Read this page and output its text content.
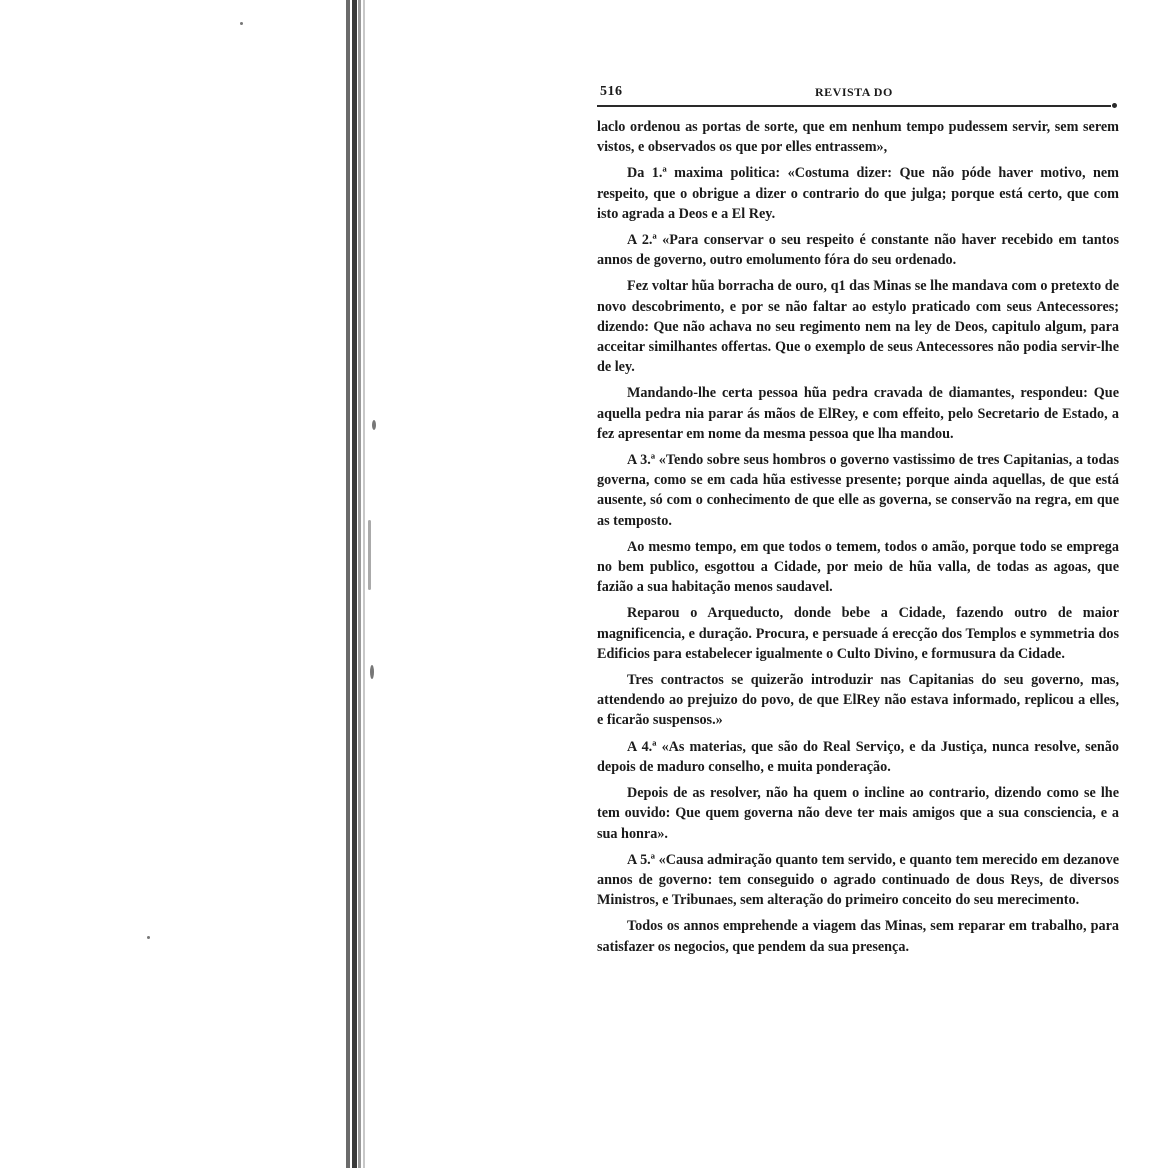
516	REVISTA DO

laclo ordenou as portas de sorte, que em nenhum tempo pudessem servir, sem serem vistos, e observados os que por elles entrassem»,

Da 1.ª maxima politica: «Costuma dizer: Que não póde haver motivo, nem respeito, que o obrigue a dizer o contrario do que julga; porque está certo, que com isto agrada a Deos e a El Rey.

A 2.ª «Para conservar o seu respeito é constante não haver recebido em tantos annos de governo, outro emolumento fóra do seu ordenado.

Fez voltar hũa borracha de ouro, q1 das Minas se lhe mandava com o pretexto de novo descobrimento, e por se não faltar ao estylo praticado com seus Antecessores; dizendo: Que não achava no seu regimento nem na ley de Deos, capitulo algum, para acceitar similhantes offertas. Que o exemplo de seus Antecessores não podia servir-lhe de ley.

Mandando-lhe certa pessoa hũa pedra cravada de diamantes, respondeu: Que aquella pedra nia parar ás mãos de ElRey, e com effeito, pelo Secretario de Estado, a fez apresentar em nome da mesma pessoa que lha mandou.

A 3.ª «Tendo sobre seus hombros o governo vastissimo de tres Capitanias, a todas governa, como se em cada hũa estivesse presente; porque ainda aquellas, de que está ausente, só com o conhecimento de que elle as governa, se conservão na regra, em que as temposto.

Ao mesmo tempo, em que todos o temem, todos o amão, porque todo se emprega no bem publico, esgottou a Cidade, por meio de hũa valla, de todas as agoas, que fazião a sua habitação menos saudavel.

Reparou o Arqueducto, donde bebe a Cidade, fazendo outro de maior magnificencia, e duração. Procura, e persuade á erecção dos Templos e symmetria dos Edificios para estabelecer igualmente o Culto Divino, e formusura da Cidade.

Tres contractos se quizerão introduzir nas Capitanias do seu governo, mas, attendendo ao prejuizo do povo, de que ElRey não estava informado, replicou a elles, e ficarão suspensos.»

A 4.ª «As materias, que são do Real Serviço, e da Justiça, nunca resolve, senão depois de maduro conselho, e muita ponderação.

Depois de as resolver, não ha quem o incline ao contrario, dizendo como se lhe tem ouvido: Que quem governa não deve ter mais amigos que a sua consciencia, e a sua honra».

A 5.ª «Causa admiração quanto tem servido, e quanto tem merecido em dezanove annos de governo: tem conseguido o agrado continuado de dous Reys, de diversos Ministros, e Tribunaes, sem alteração do primeiro conceito do seu merecimento.

Todos os annos emprehende a viagem das Minas, sem reparar em trabalho, para satisfazer os negocios, que pendem da sua presença.
